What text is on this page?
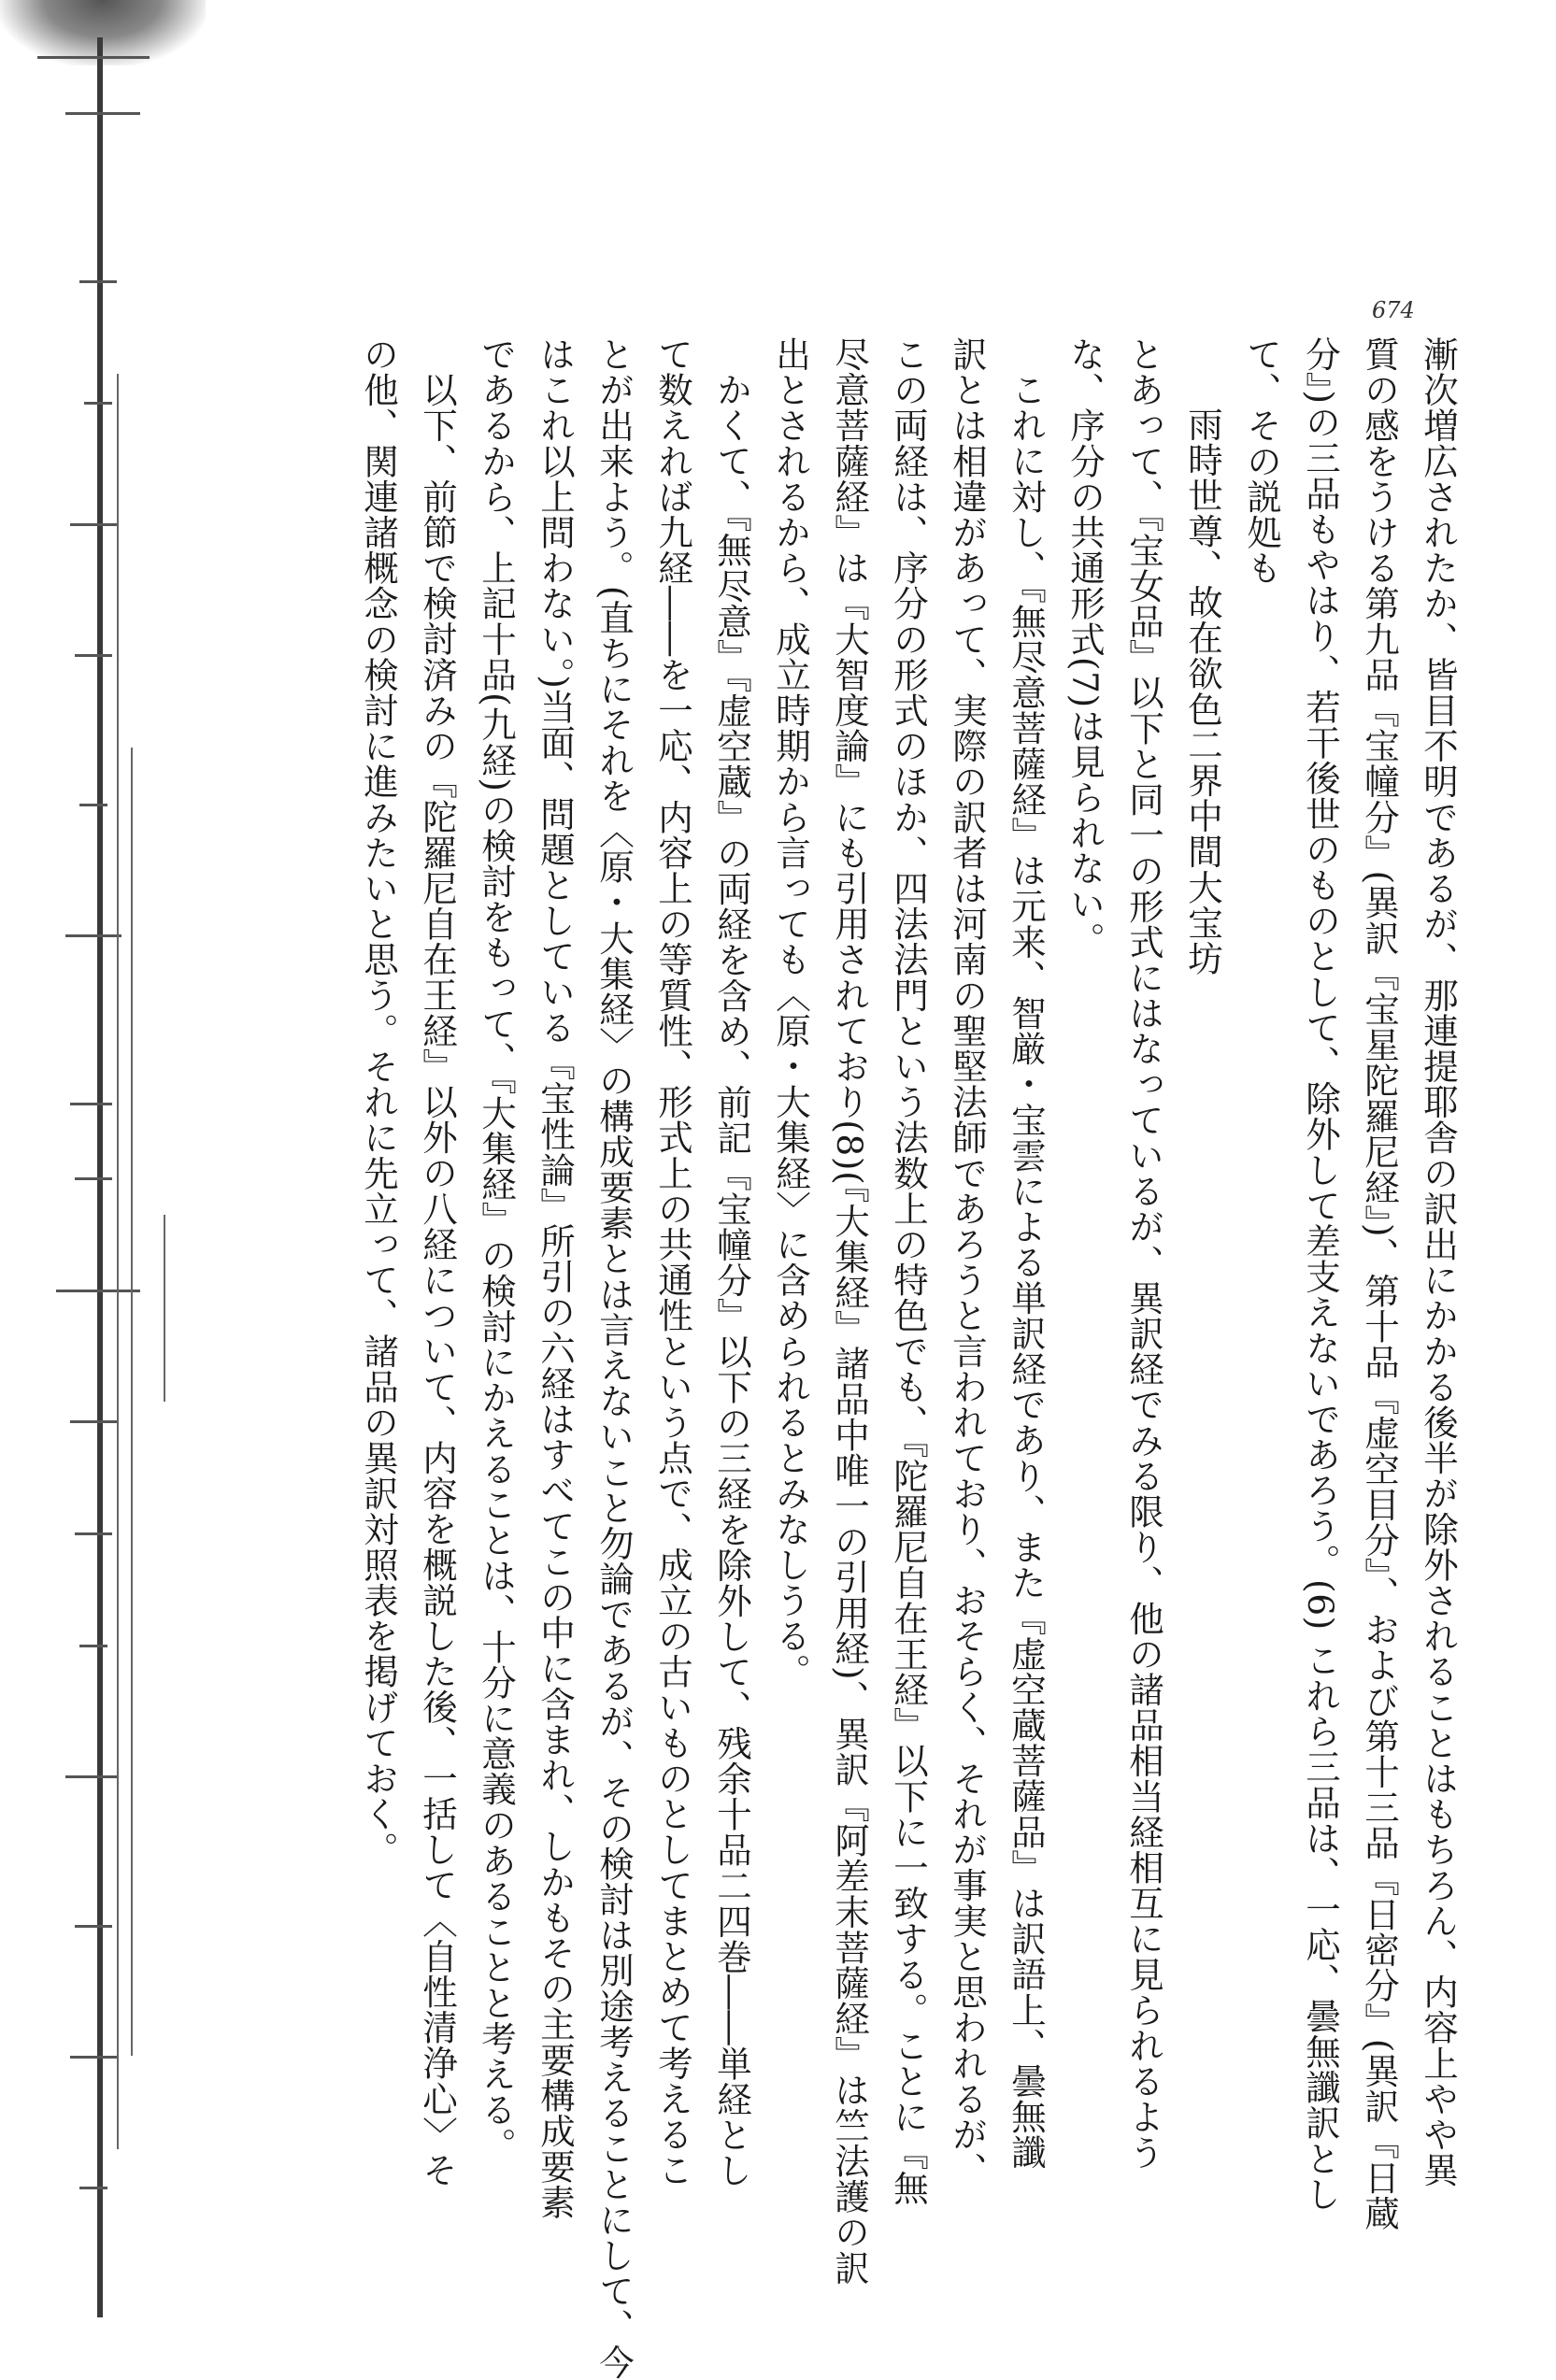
674
漸次増広されたか、皆目不明であるが、那連提耶舎の訳出にかかる後半が除外されることはもちろん、内容上やや異
質の感をうける第九品『宝幢分』(異訳『宝星陀羅尼経』)、第十品『虚空目分』、および第十三品『日密分』(異訳『日蔵
分』)の三品もやはり、若干後世のものとして、除外して差支えないであろう。(6) これら三品は、一応、曇無讖訳とし
て、その説処も
雨時世尊、故在欲色二界中間大宝坊
とあって、『宝女品』以下と同一の形式にはなっているが、異訳経でみる限り、他の諸品相当経相互に見られるよう
な、序分の共通形式(7)は見られない。
これに対し、『無尽意菩薩経』は元来、智厳・宝雲による単訳経であり、また『虚空蔵菩薩品』は訳語上、曇無讖
訳とは相違があって、実際の訳者は河南の聖堅法師であろうと言われており、おそらく、それが事実と思われるが、
この両経は、序分の形式のほか、四法法門という法数上の特色でも、『陀羅尼自在王経』以下に一致する。ことに『無
尽意菩薩経』は『大智度論』にも引用されており(8)(『大集経』諸品中唯一の引用経)、異訳『阿差末菩薩経』は竺法護の訳
出とされるから、成立時期から言っても〈原・大集経〉に含められるとみなしうる。
かくて、『無尽意』『虚空蔵』の両経を含め、前記『宝幢分』以下の三経を除外して、残余十品二四巻――単経とし
て数えれば九経――を一応、内容上の等質性、形式上の共通性という点で、成立の古いものとしてまとめて考えるこ
とが出来よう。(直ちにそれを〈原・大集経〉の構成要素とは言えないこと勿論であるが、その検討は別途考えることにして、今
はこれ以上問わない。)当面、問題としている『宝性論』所引の六経はすべてこの中に含まれ、しかもその主要構成要素
であるから、上記十品(九経)の検討をもって、『大集経』の検討にかえることは、十分に意義のあることと考える。
以下、前節で検討済みの『陀羅尼自在王経』以外の八経について、内容を概説した後、一括して〈自性清浄心〉そ
の他、関連諸概念の検討に進みたいと思う。それに先立って、諸品の異訳対照表を掲げておく。
